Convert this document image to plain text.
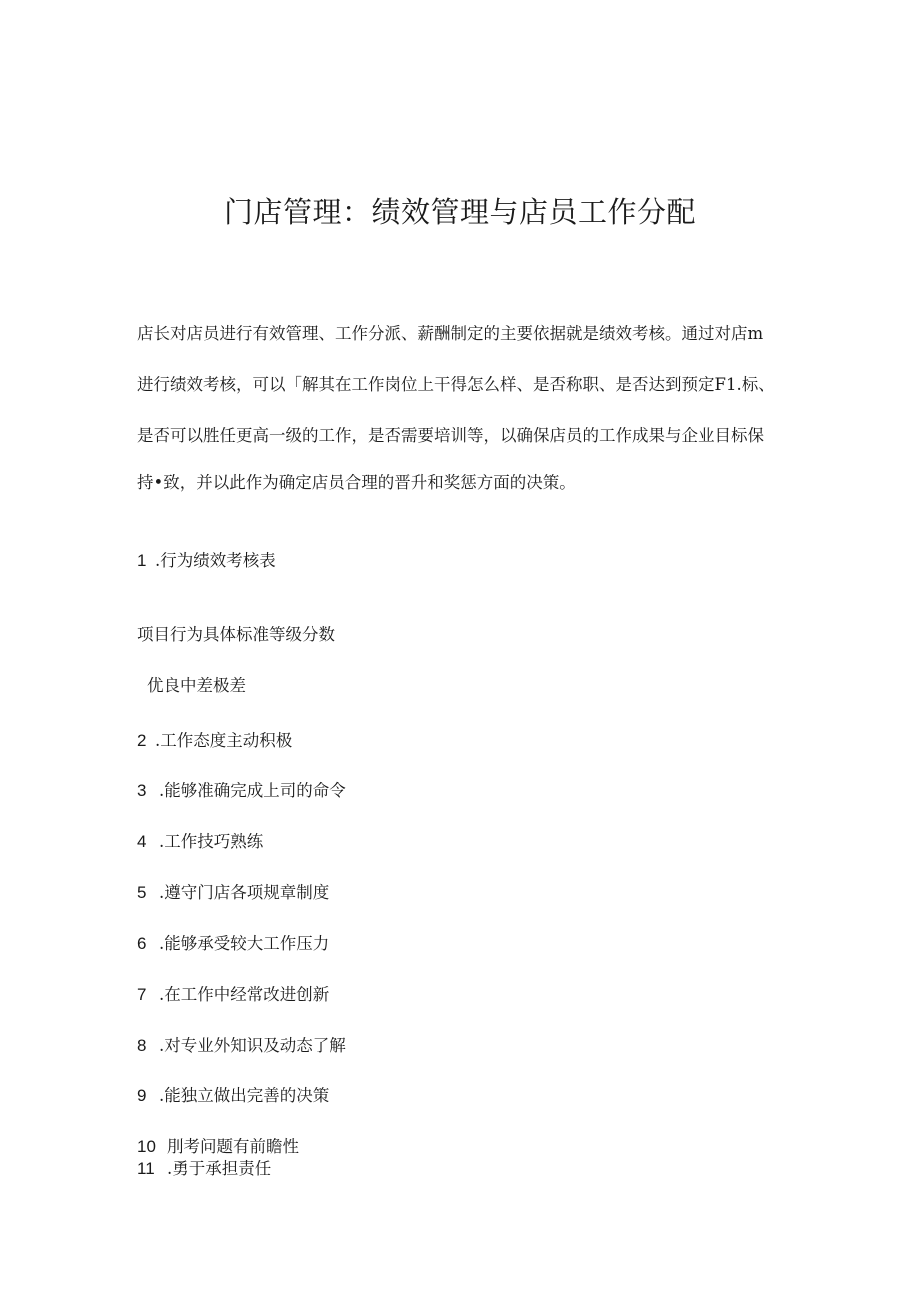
门店管理：绩效管理与店员工作分配

店长对店员进行有效管理、工作分派、薪酬制定的主要依据就是绩效考核。通过对店m

进行绩效考核，可以「解其在工作岗位上干得怎么样、是否称职、是否达到预定F1.标、

是否可以胜任更高一级的工作，是否需要培训等，以确保店员的工作成果与企业目标保

持•致，并以此作为确定店员合理的晋升和奖惩方面的决策。

1 .行为绩效考核表

项目行为具体标准等级分数

优良中差极差

2 .工作态度主动积极

3 .能够准确完成上司的命令

4 .工作技巧熟练

5 .遵守门店各项规章制度

6 .能够承受较大工作压力

7 .在工作中经常改进创新

8 .对专业外知识及动态了解

9 .能独立做出完善的决策

10 刖考问题有前瞻性

11 .勇于承担责任
